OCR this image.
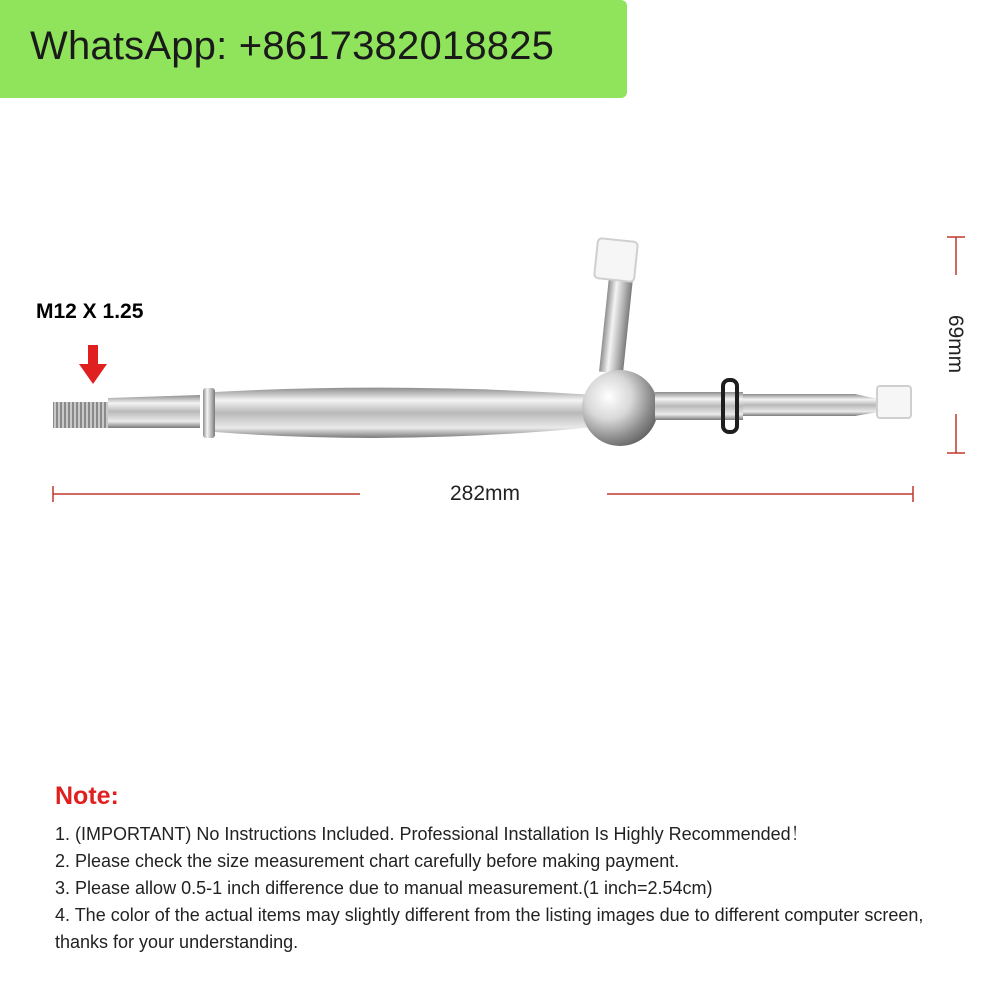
WhatsApp: +8617382018825
M12 X 1.25
282mm
69mm
Note:

1. (IMPORTANT) No Instructions Included. Professional Installation Is Highly Recommended！

2. Please check the size measurement chart carefully before making payment.

3. Please allow 0.5-1 inch difference due to manual measurement.(1 inch=2.54cm)

4. The color of the actual items may slightly different from the listing images due to different computer screen, thanks for your understanding.
